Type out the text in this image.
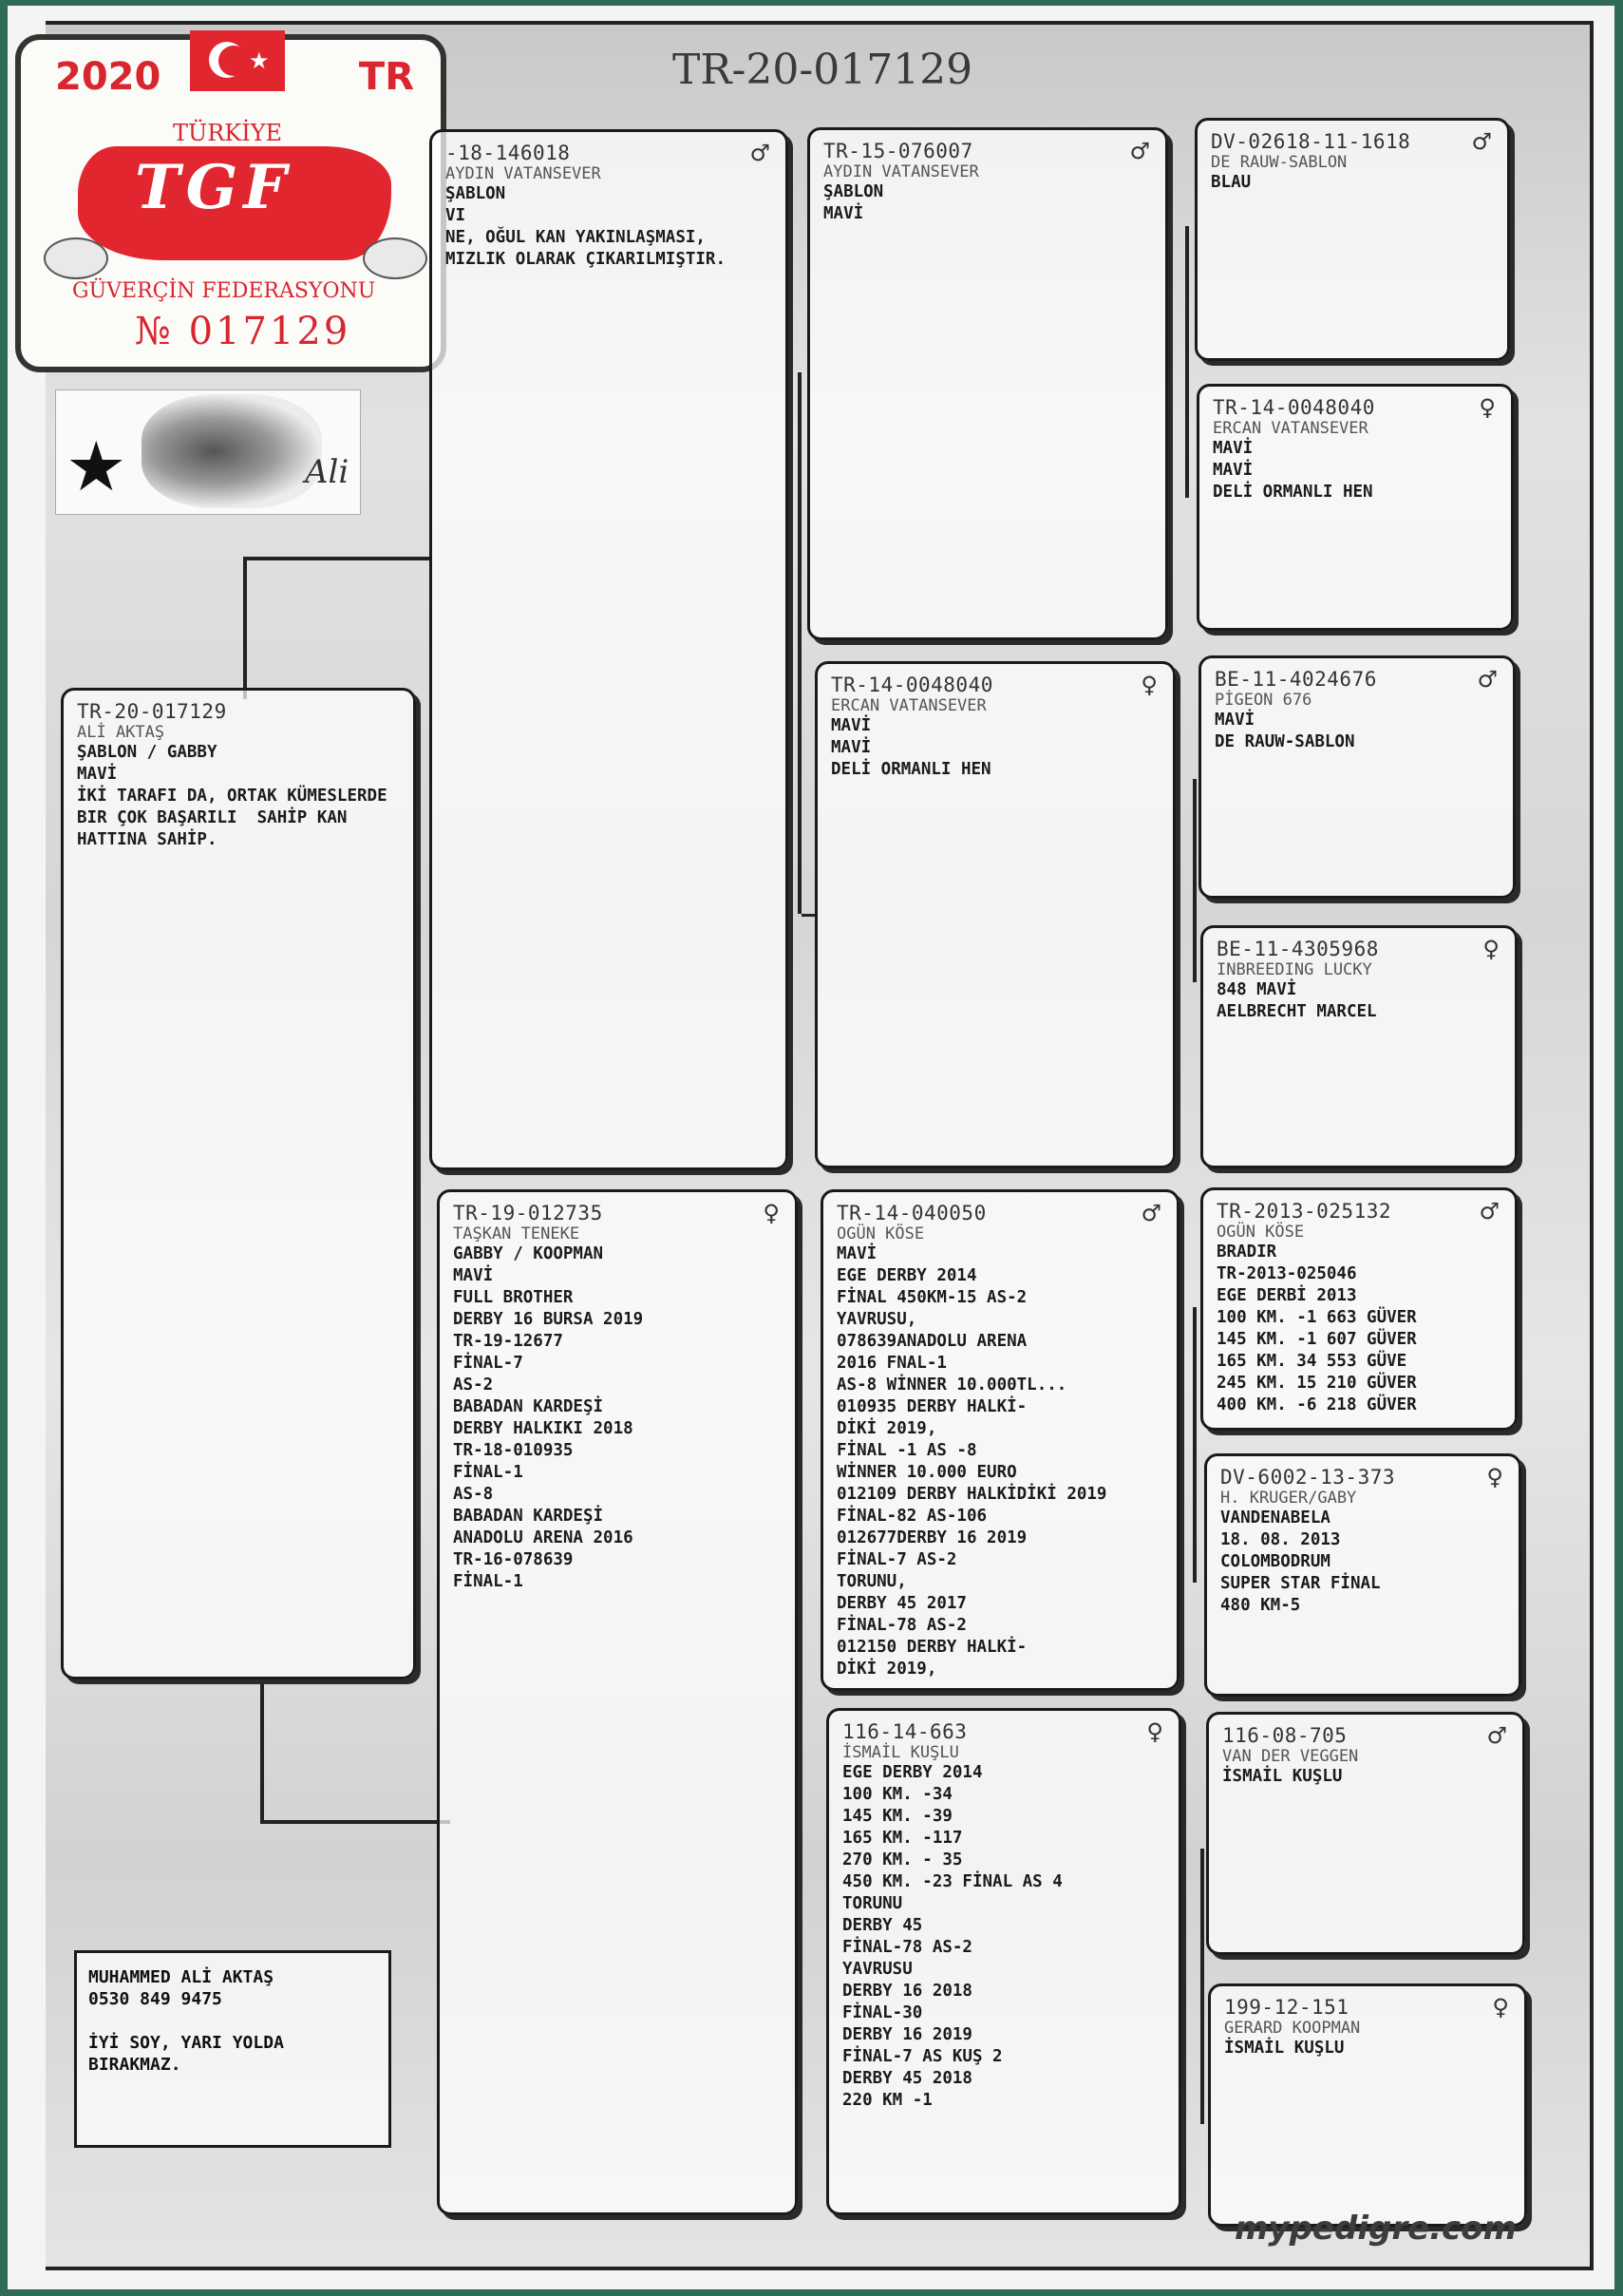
TR-20-017129
★
2020	TR
TÜRKİYE
TGF
GÜVERÇİN FEDERASYONU
№ 017129
★	Ali
TR-20-017129
ALİ AKTAŞ
ŞABLON / GABBY
MAVİ
İKİ TARAFI DA, ORTAK KÜMESLERDE
BIR ÇOK BAŞARILI  SAHİP KAN
HATTINA SAHİP.
-18-146018	♂
AYDIN VATANSEVER
ŞABLON
VI
NE, OĞUL KAN YAKINLAŞMASI,
MIZLIK OLARAK ÇIKARILMIŞTIR.
TR-19-012735	♀
TAŞKAN TENEKE
GABBY / KOOPMAN
MAVİ
FULL BROTHER
DERBY 16 BURSA 2019
TR-19-12677
FİNAL-7
AS-2
BABADAN KARDEŞİ
DERBY HALKIKI 2018
TR-18-010935
FİNAL-1
AS-8
BABADAN KARDEŞİ
ANADOLU ARENA 2016
TR-16-078639
FİNAL-1
TR-15-076007	♂
AYDIN VATANSEVER
ŞABLON
MAVİ
TR-14-0048040	♀
ERCAN VATANSEVER
MAVİ
MAVİ
DELİ ORMANLI HEN
TR-14-040050	♂
OGÜN KÖSE
MAVİ
EGE DERBY 2014
FİNAL 450KM-15 AS-2
YAVRUSU,
078639ANADOLU ARENA
2016 FNAL-1
AS-8 WİNNER 10.000TL...
010935 DERBY HALKİ-
DİKİ 2019,
FİNAL -1 AS -8
WİNNER 10.000 EURO
012109 DERBY HALKİDİKİ 2019
FİNAL-82 AS-106
012677DERBY 16 2019
FİNAL-7 AS-2
TORUNU,
DERBY 45 2017
FİNAL-78 AS-2
012150 DERBY HALKİ-
DİKİ 2019,
116-14-663	♀
İSMAİL KUŞLU
EGE DERBY 2014
100 KM. -34
145 KM. -39
165 KM. -117
270 KM. - 35
450 KM. -23 FİNAL AS 4
TORUNU
DERBY 45
FİNAL-78 AS-2
YAVRUSU
DERBY 16 2018
FİNAL-30
DERBY 16 2019
FİNAL-7 AS KUŞ 2
DERBY 45 2018
220 KM -1
DV-02618-11-1618	♂
DE RAUW-SABLON
BLAU
TR-14-0048040	♀
ERCAN VATANSEVER
MAVİ
MAVİ
DELİ ORMANLI HEN
BE-11-4024676	♂
PİGEON 676
MAVİ
DE RAUW-SABLON
BE-11-4305968	♀
INBREEDING LUCKY
848 MAVİ
AELBRECHT MARCEL
TR-2013-025132	♂
OGÜN KÖSE
BRADIR
TR-2013-025046
EGE DERBİ 2013
100 KM. -1 663 GÜVER
145 KM. -1 607 GÜVER
165 KM. 34 553 GÜVE
245 KM. 15 210 GÜVER
400 KM. -6 218 GÜVER
DV-6002-13-373	♀
H. KRUGER/GABY
VANDENABELA
18. 08. 2013
COLOMBODRUM
SUPER STAR FİNAL
480 KM-5
116-08-705	♂
VAN DER VEGGEN
İSMAİL KUŞLU
199-12-151	♀
GERARD KOOPMAN
İSMAİL KUŞLU
MUHAMMED ALİ AKTAŞ
0530 849 9475

İYİ SOY, YARI YOLDA
BIRAKMAZ.
mypedigre.com
